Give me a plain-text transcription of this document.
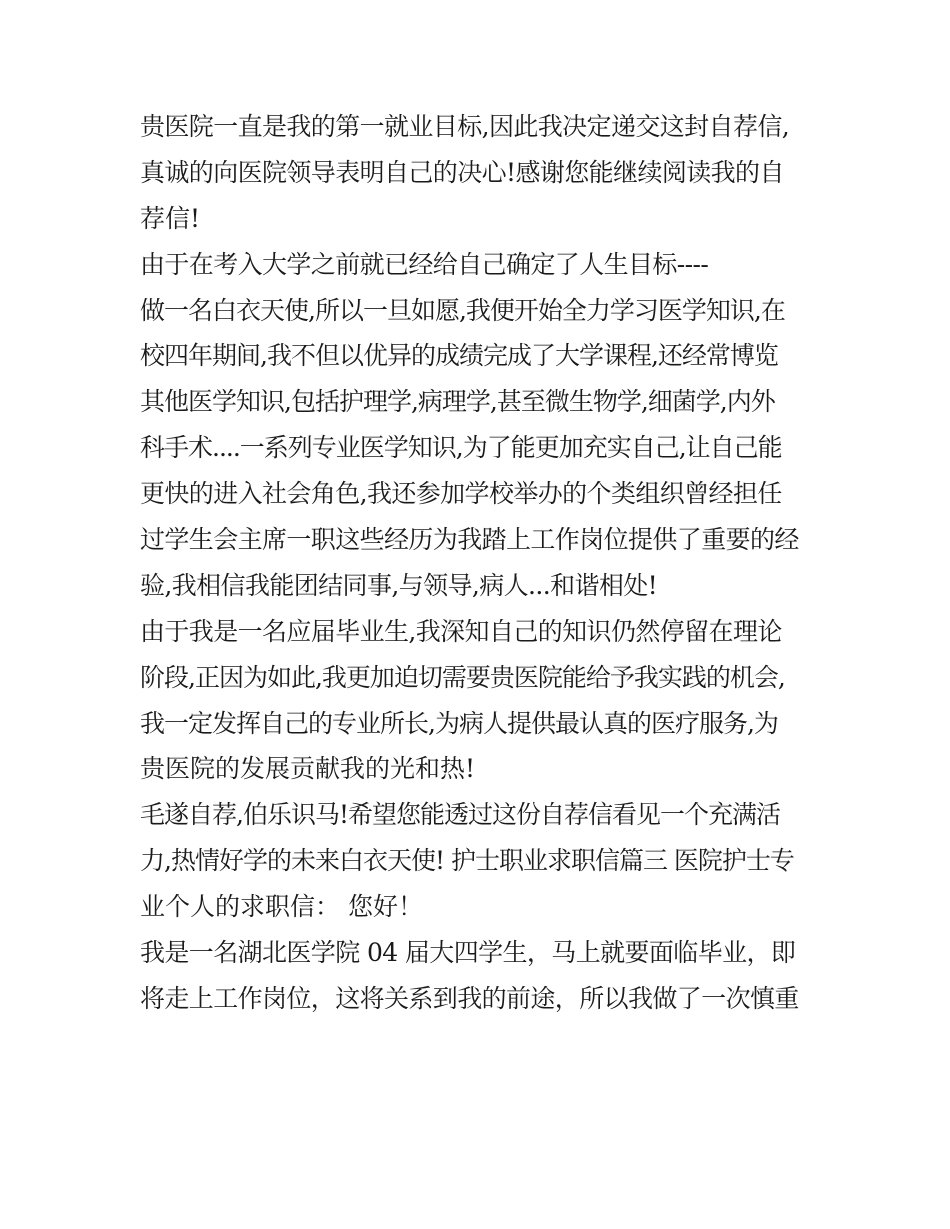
贵医院一直是我的第一就业目标,因此我决定递交这封自荐信,
真诚的向医院领导表明自己的决心!感谢您能继续阅读我的自
荐信!
由于在考入大学之前就已经给自己确定了人生目标----
做一名白衣天使,所以一旦如愿,我便开始全力学习医学知识,在
校四年期间,我不但以优异的成绩完成了大学课程,还经常博览
其他医学知识,包括护理学,病理学,甚至微生物学,细菌学,内外
科手术....一系列专业医学知识,为了能更加充实自己,让自己能
更快的进入社会角色,我还参加学校举办的个类组织曾经担任
过学生会主席一职这些经历为我踏上工作岗位提供了重要的经
验,我相信我能团结同事,与领导,病人...和谐相处!
由于我是一名应届毕业生,我深知自己的知识仍然停留在理论
阶段,正因为如此,我更加迫切需要贵医院能给予我实践的机会,
我一定发挥自己的专业所长,为病人提供最认真的医疗服务,为
贵医院的发展贡献我的光和热!
毛遂自荐,伯乐识马!希望您能透过这份自荐信看见一个充满活
力,热情好学的未来白衣天使! 护士职业求职信篇三 医院护士专
业个人的求职信： 您好！
我是一名湖北医学院 04 届大四学生，马上就要面临毕业，即
将走上工作岗位，这将关系到我的前途，所以我做了一次慎重
